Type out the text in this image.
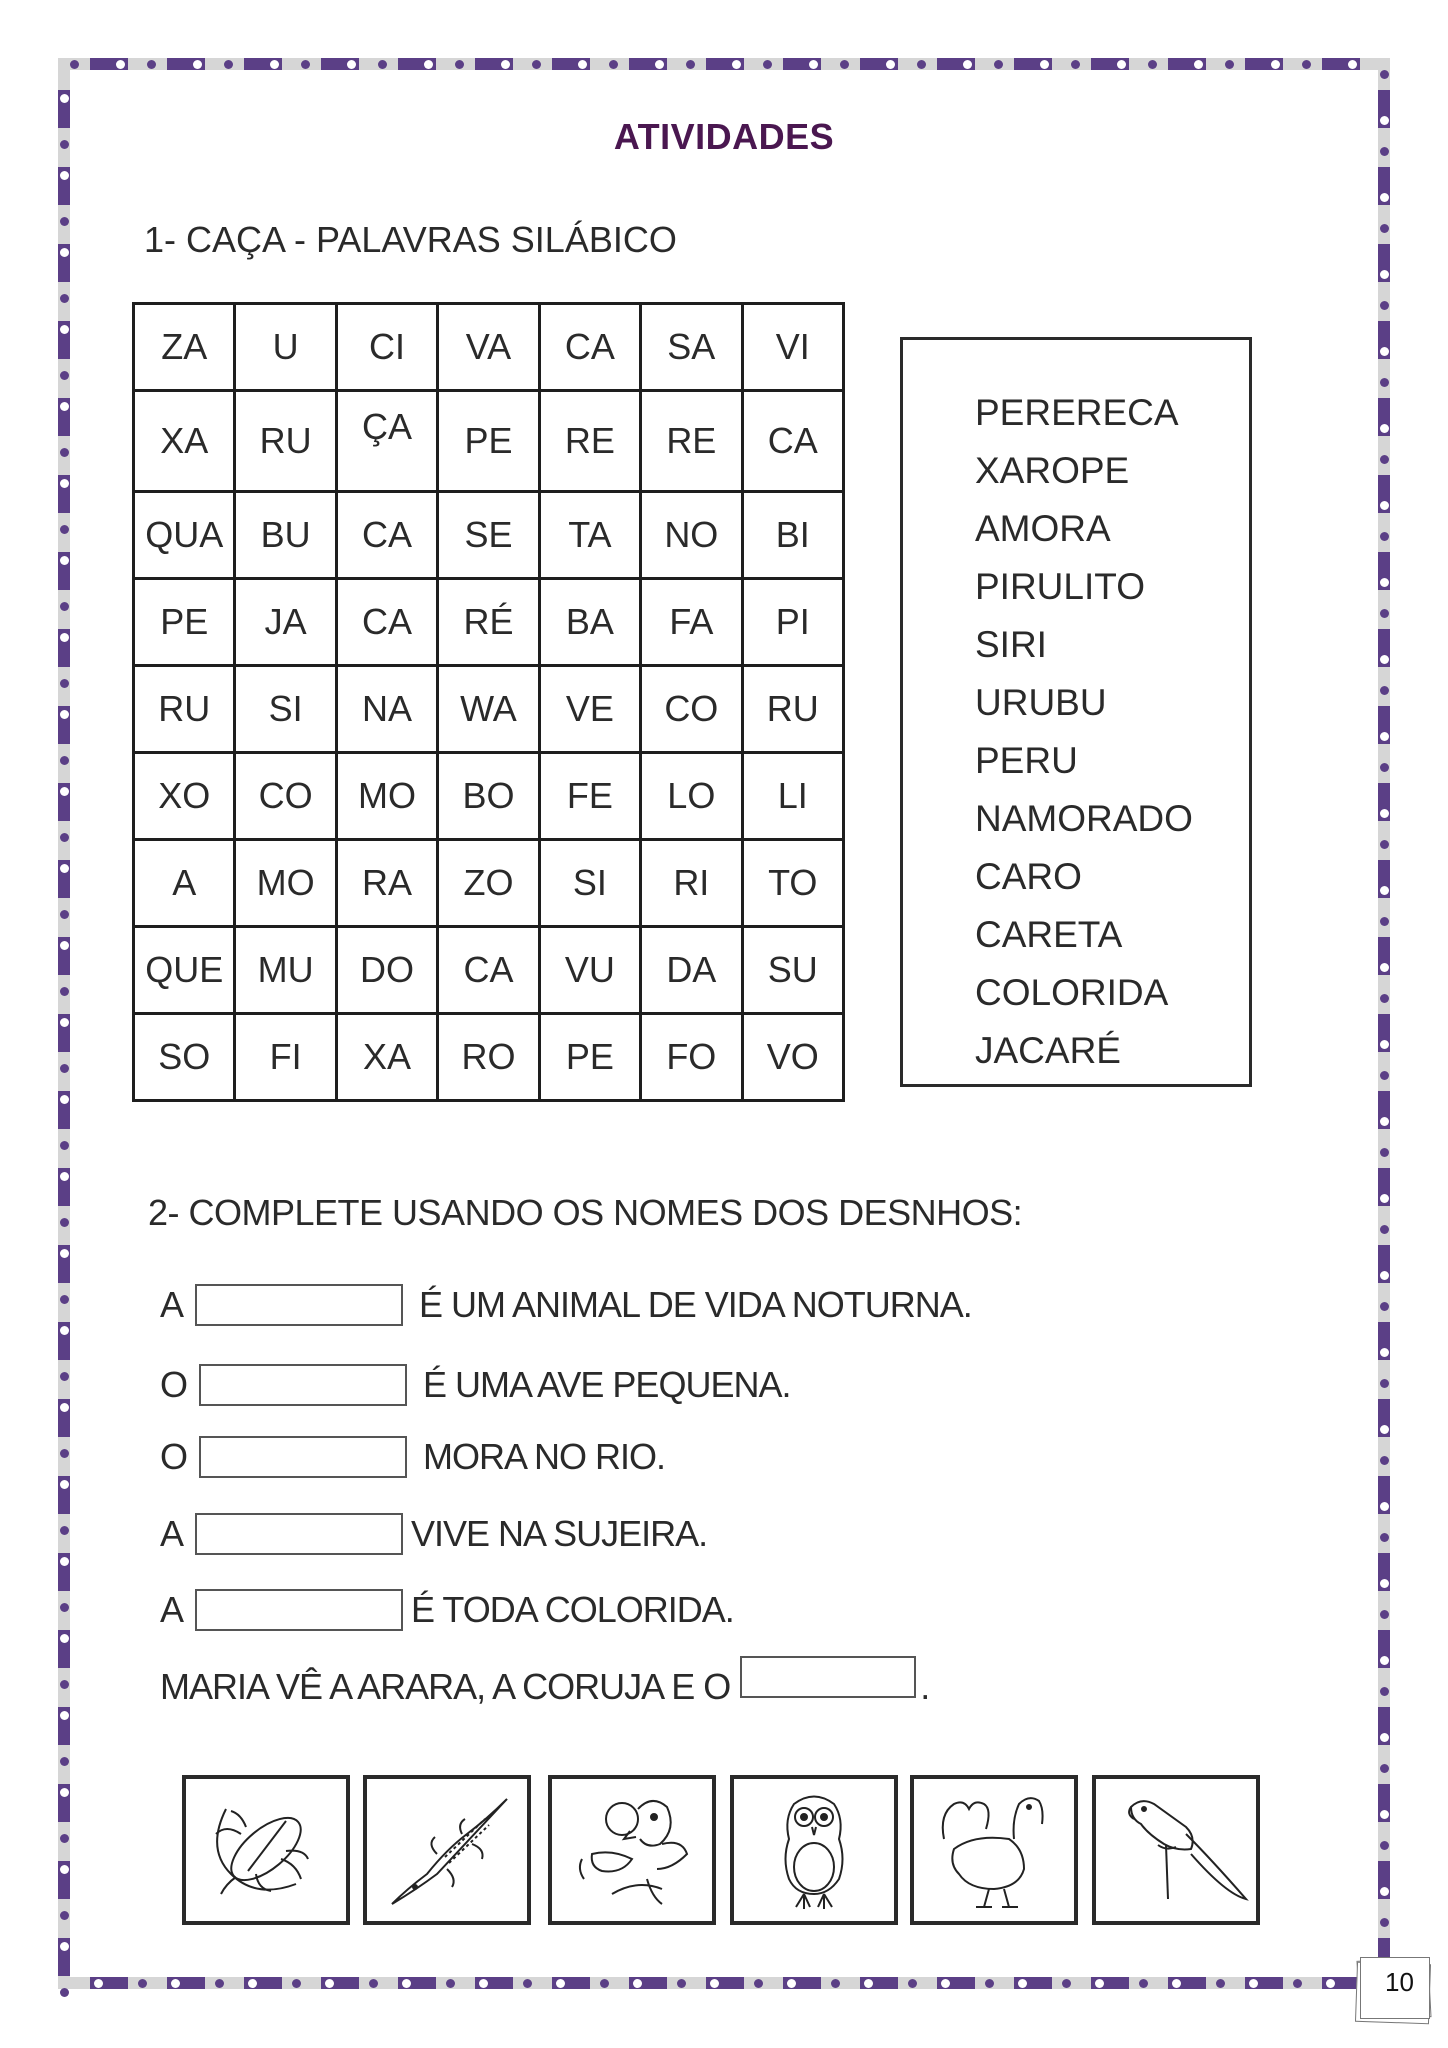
ATIVIDADES
1- CAÇA - PALAVRAS SILÁBICO
ZA	U	CI	VA	CA	SA	VI
XA	RU	ÇA	PE	RE	RE	CA
QUA	BU	CA	SE	TA	NO	BI
PE	JA	CA	RÉ	BA	FA	PI
RU	SI	NA	WA	VE	CO	RU
XO	CO	MO	BO	FE	LO	LI
A	MO	RA	ZO	SI	RI	TO
QUE	MU	DO	CA	VU	DA	SU
SO	FI	XA	RO	PE	FO	VO
PERERECA
XAROPE
AMORA
PIRULITO
SIRI
URUBU
PERU
NAMORADO
CARO
CARETA
COLORIDA
JACARÉ
2- COMPLETE USANDO OS NOMES DOS DESNHOS:
A	É UM ANIMAL DE VIDA NOTURNA.
O	É UMA AVE PEQUENA.
O	MORA NO RIO.
A	VIVE NA SUJEIRA.
A	É TODA COLORIDA.
MARIA VÊ A ARARA, A CORUJA E O	.
10
